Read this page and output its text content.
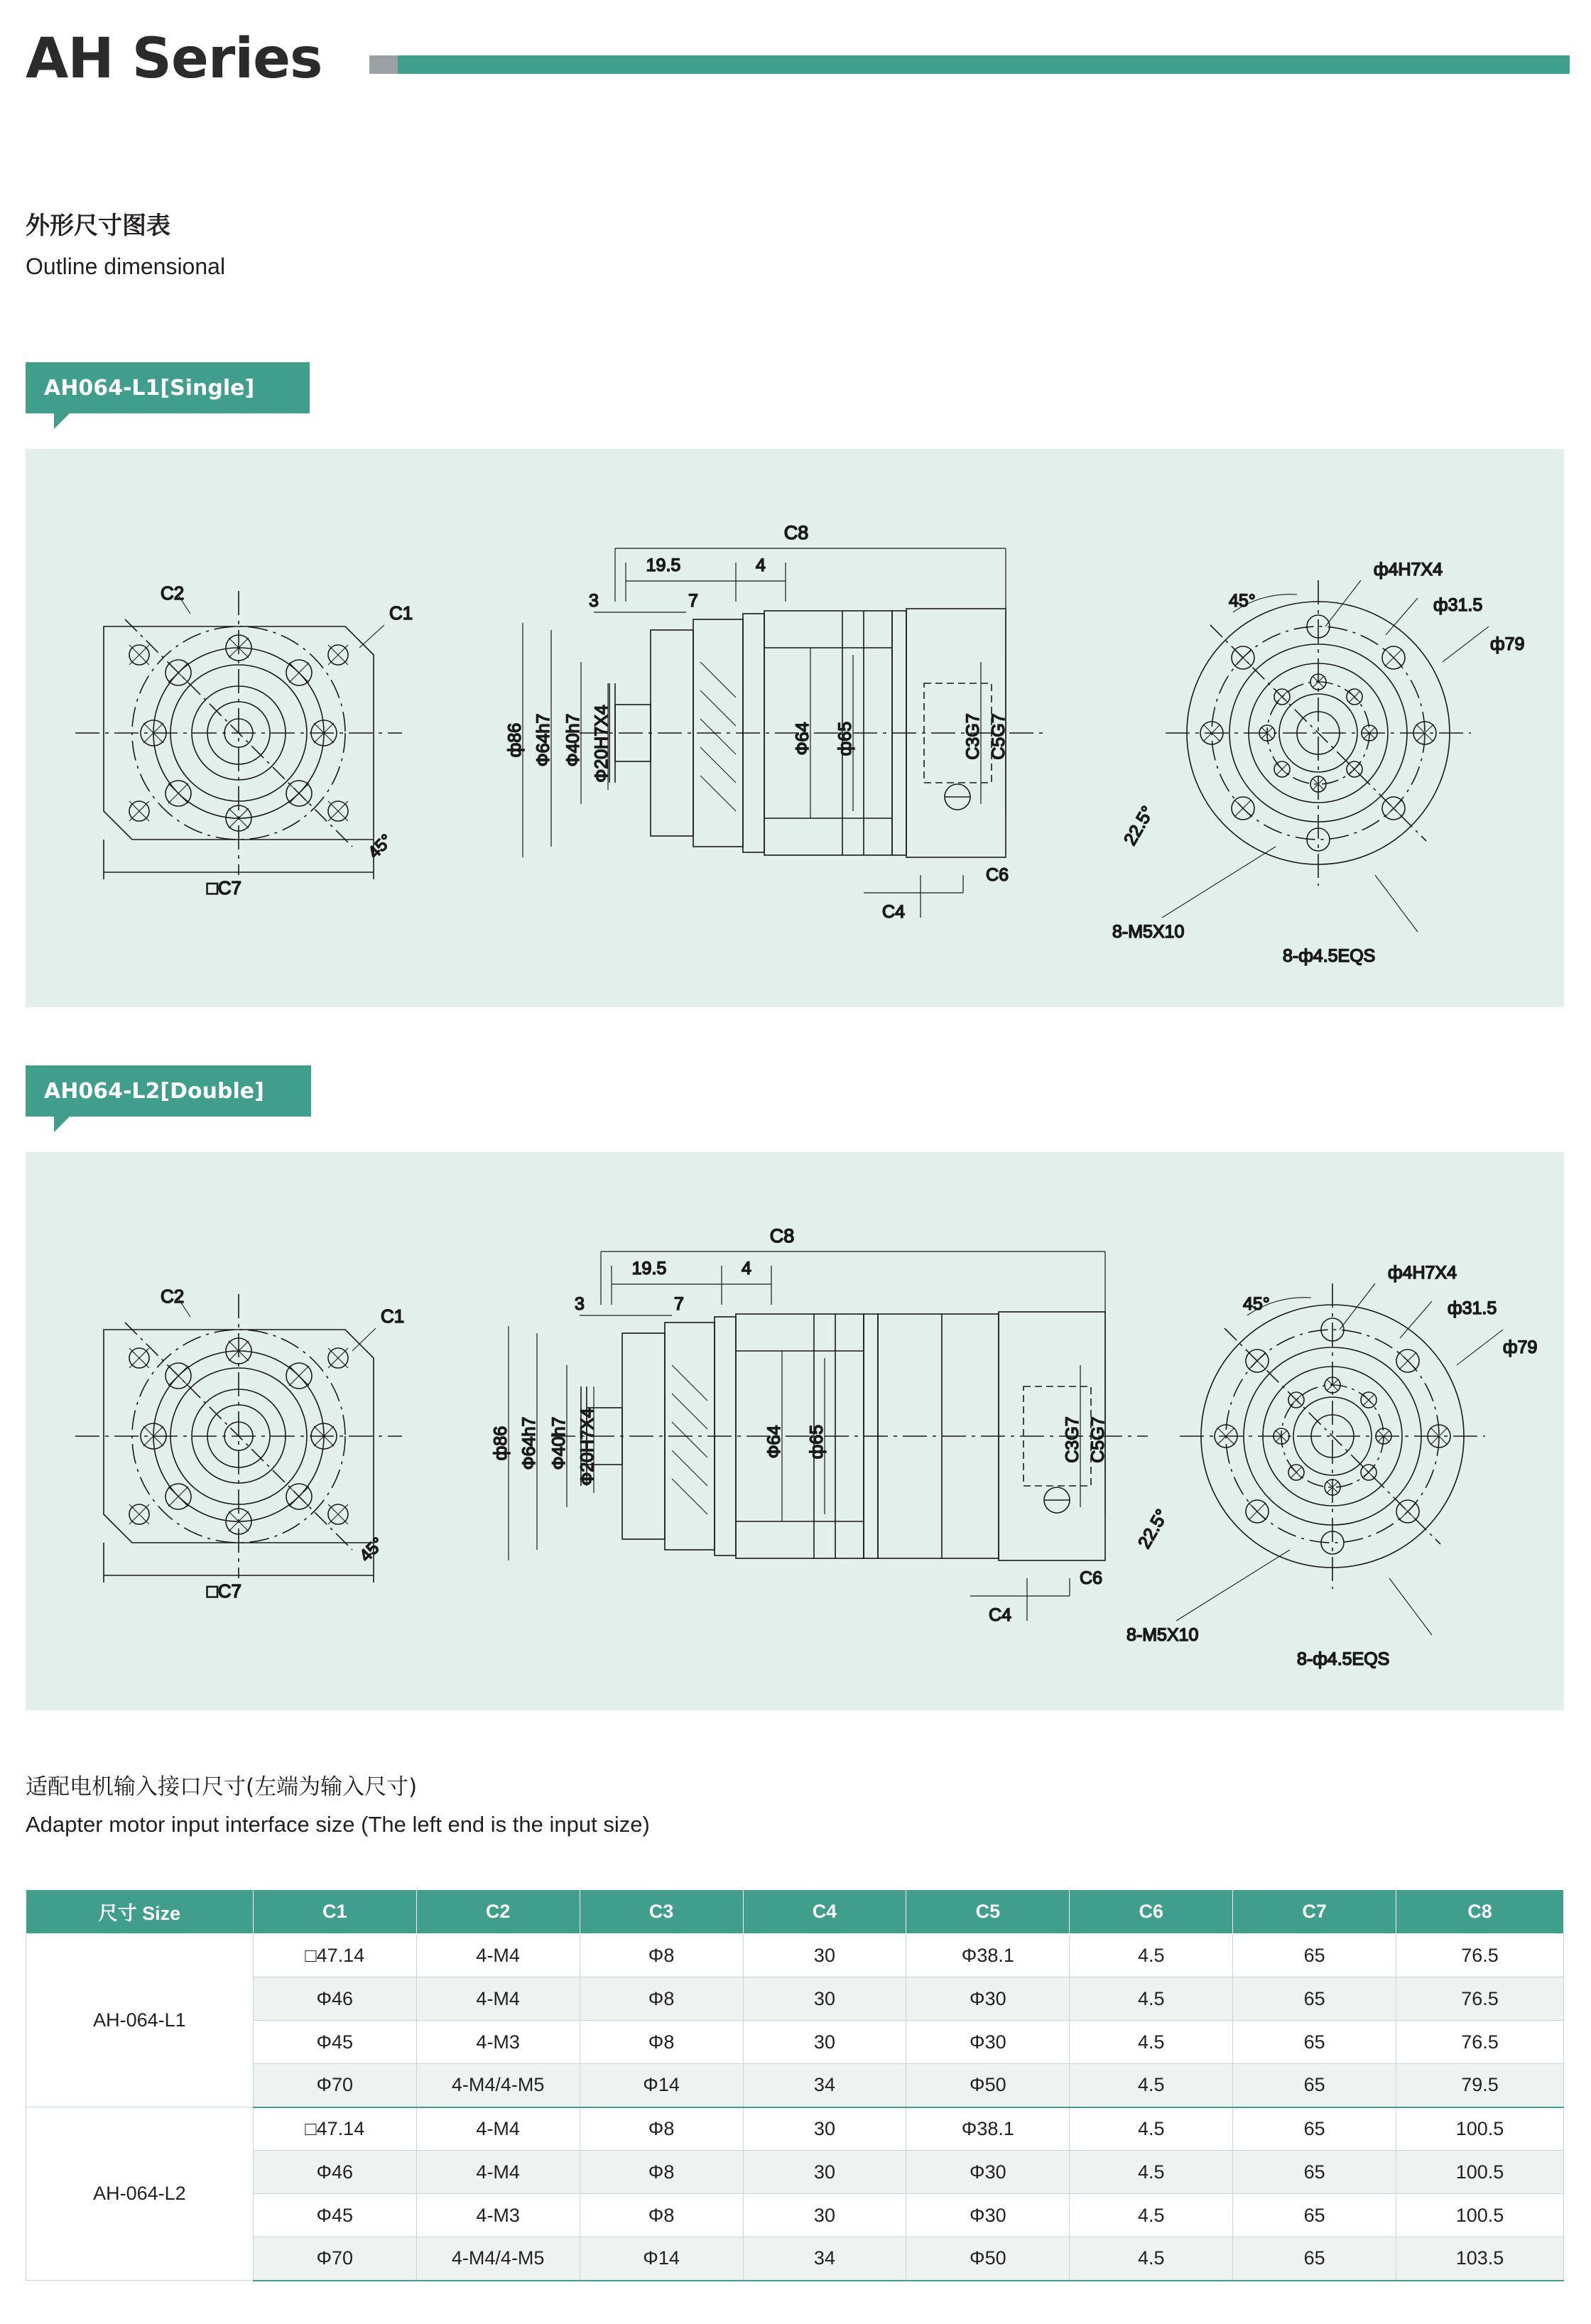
AH Series
外形尺寸图表
Outline dimensional
AH064-L1[Single]
C2
C1
□C7
45°
C8
19.5	4
3	7
ф86 Ф64h7 Ф40h7 Ф20H7X4	Ф64 ф65	C3G7 C5G7
C6
C4
45°
22.5°
ф4H7X4
ф31.5
ф79
8-M5X10
8-ф4.5EQS
AH064-L2[Double]
C2
C1
□C7
45°
C8
19.5	4
3	7
ф86 Ф64h7 Ф40h7 Ф20H7X4	Ф64 ф65	C3G7 C5G7
C6
C4
45°
22.5°
ф4H7X4
ф31.5
ф79
8-M5X10
8-ф4.5EQS
适配电机输入接口尺寸(左端为输入尺寸)
Adapter motor input interface size (The left end is the input size)
尺寸 Size	C1	C2	C3	C4	C5	C6	C7	C8
AH-064-L1	□47.14	4-M4	Φ8	30	Φ38.1	4.5	65	76.5
	Φ46	4-M4	Φ8	30	Φ30	4.5	65	76.5
	Φ45	4-M3	Φ8	30	Φ30	4.5	65	76.5
	Φ70	4-M4/4-M5	Φ14	34	Φ50	4.5	65	79.5
AH-064-L2	□47.14	4-M4	Φ8	30	Φ38.1	4.5	65	100.5
	Φ46	4-M4	Φ8	30	Φ30	4.5	65	100.5
	Φ45	4-M3	Φ8	30	Φ30	4.5	65	100.5
	Φ70	4-M4/4-M5	Φ14	34	Φ50	4.5	65	103.5
